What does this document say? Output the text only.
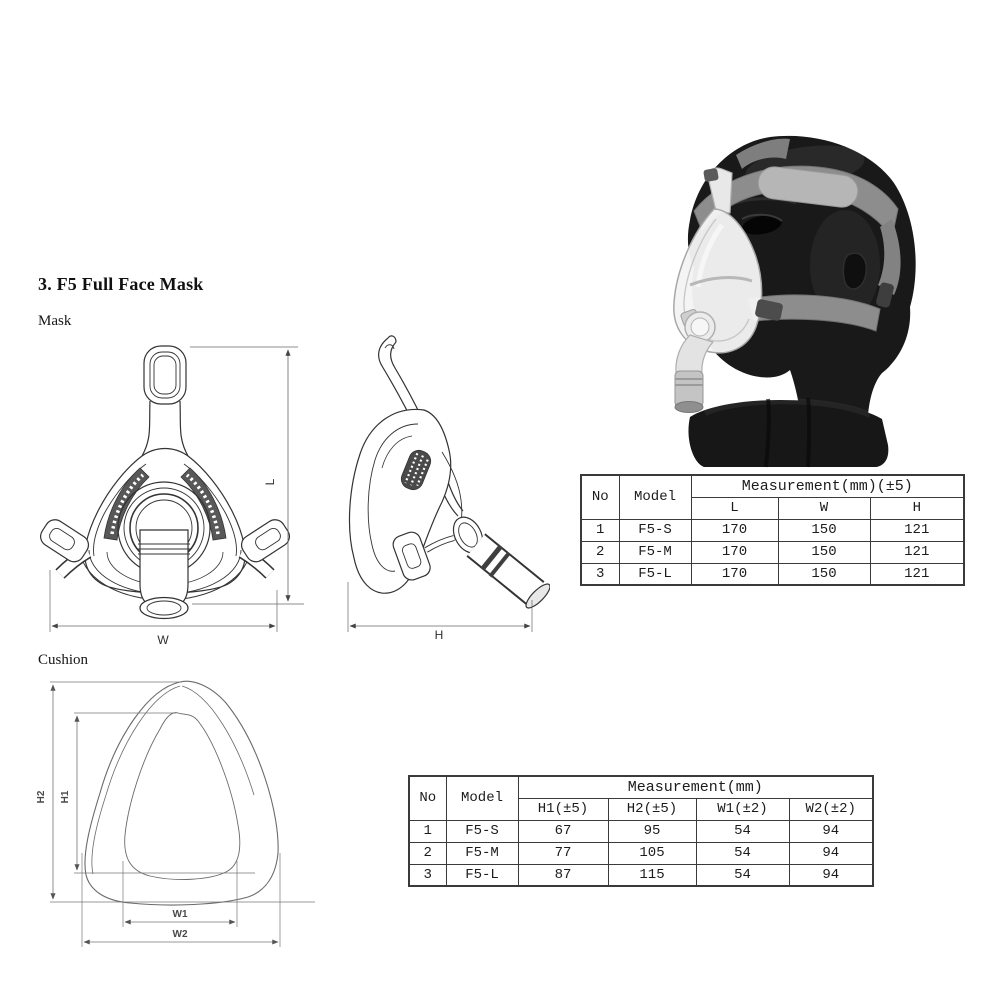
3. F5 Full Face Mask
Mask
Cushion
L
W	H
No	Model	Measurement(mm)(±5)		
		L	W	H
1	F5-S	170	150	121
2	F5-M	170	150	121
3	F5-L	170	150	121
H2 H1
W1
W2
No	Model	Measurement(mm)			
		H1(±5)	H2(±5)	W1(±2)	W2(±2)
1	F5-S	67	95	54	94
2	F5-M	77	105	54	94
3	F5-L	87	115	54	94
